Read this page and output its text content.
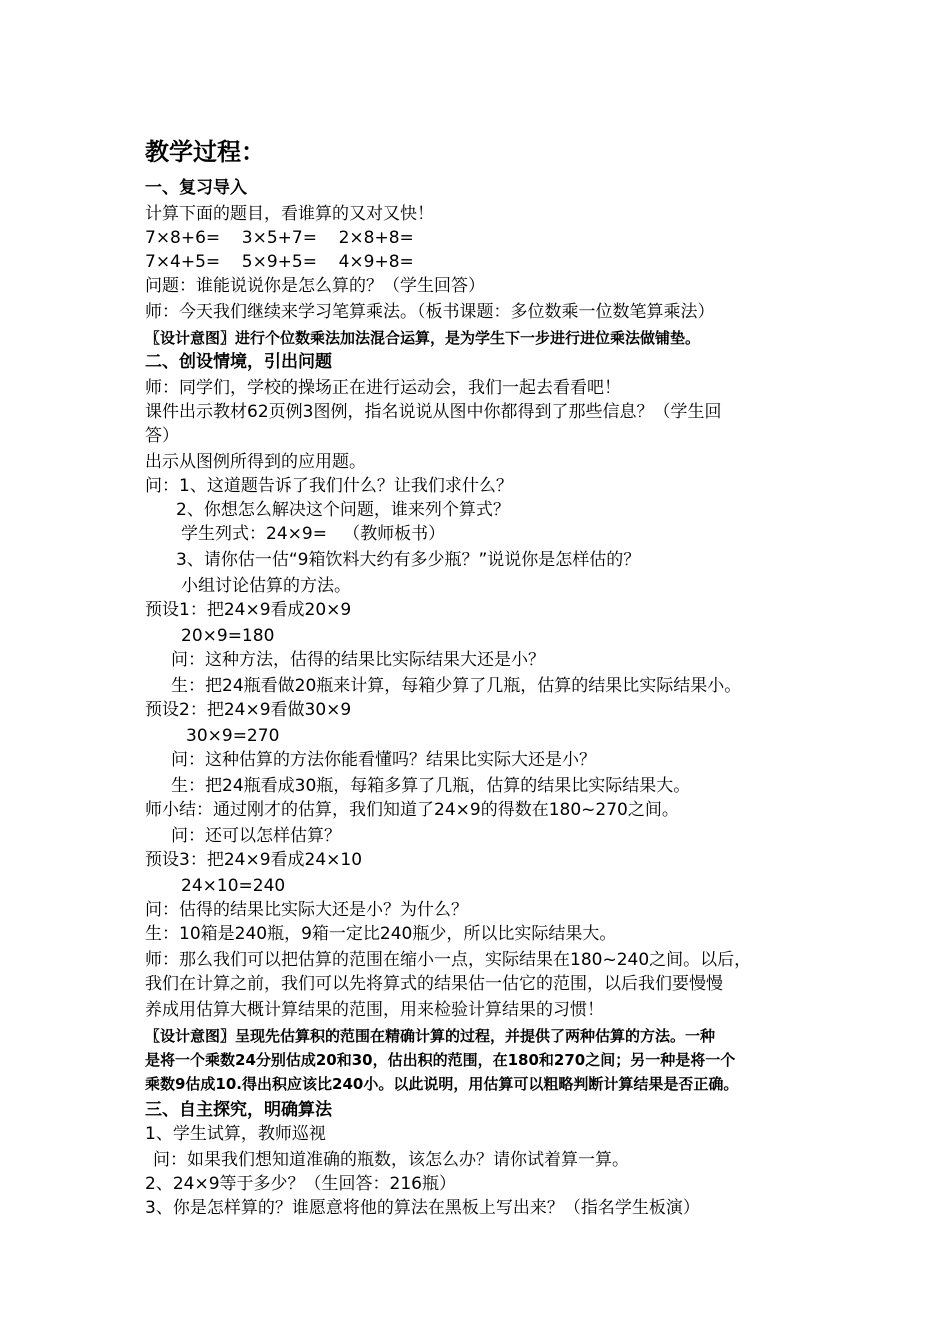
教学过程：
一、复习导入
计算下面的题目，看谁算的又对又快！
7×8+6=    3×5+7=    2×8+8=
7×4+5=    5×9+5=    4×9+8=
问题：谁能说说你是怎么算的？（学生回答）
师：今天我们继续来学习笔算乘法。（板书课题：多位数乘一位数笔算乘法）
〖设计意图〗进行个位数乘法加法混合运算，是为学生下一步进行进位乘法做铺垫。
二、创设情境，引出问题
师：同学们，学校的操场正在进行运动会，我们一起去看看吧！
课件出示教材62页例3图例，指名说说从图中你都得到了那些信息？（学生回
答）
出示从图例所得到的应用题。
问：1、这道题告诉了我们什么？让我们求什么？
2、你想怎么解决这个问题，谁来列个算式？
学生列式：24×9=   （教师板书）
3、请你估一估“9箱饮料大约有多少瓶？”说说你是怎样估的？
小组讨论估算的方法。
预设1：把24×9看成20×9
20×9=180
问：这种方法，估得的结果比实际结果大还是小？
生：把24瓶看做20瓶来计算，每箱少算了几瓶，估算的结果比实际结果小。
预设2：把24×9看做30×9
30×9=270
问：这种估算的方法你能看懂吗？结果比实际大还是小？
生：把24瓶看成30瓶，每箱多算了几瓶，估算的结果比实际结果大。
师小结：通过刚才的估算，我们知道了24×9的得数在180~270之间。
问：还可以怎样估算？
预设3：把24×9看成24×10
24×10=240
问：估得的结果比实际大还是小？为什么？
生：10箱是240瓶，9箱一定比240瓶少，所以比实际结果大。
师：那么我们可以把估算的范围在缩小一点，实际结果在180~240之间。以后，
我们在计算之前，我们可以先将算式的结果估一估它的范围，以后我们要慢慢
养成用估算大概计算结果的范围，用来检验计算结果的习惯！
〖设计意图〗呈现先估算积的范围在精确计算的过程，并提供了两种估算的方法。一种
是将一个乘数24分别估成20和30，估出积的范围，在180和270之间；另一种是将一个
乘数9估成10.得出积应该比240小。以此说明，用估算可以粗略判断计算结果是否正确。
三、自主探究，明确算法
1、学生试算，教师巡视
问：如果我们想知道准确的瓶数，该怎么办？请你试着算一算。
2、24×9等于多少？（生回答：216瓶）
3、你是怎样算的？谁愿意将他的算法在黑板上写出来？（指名学生板演）
